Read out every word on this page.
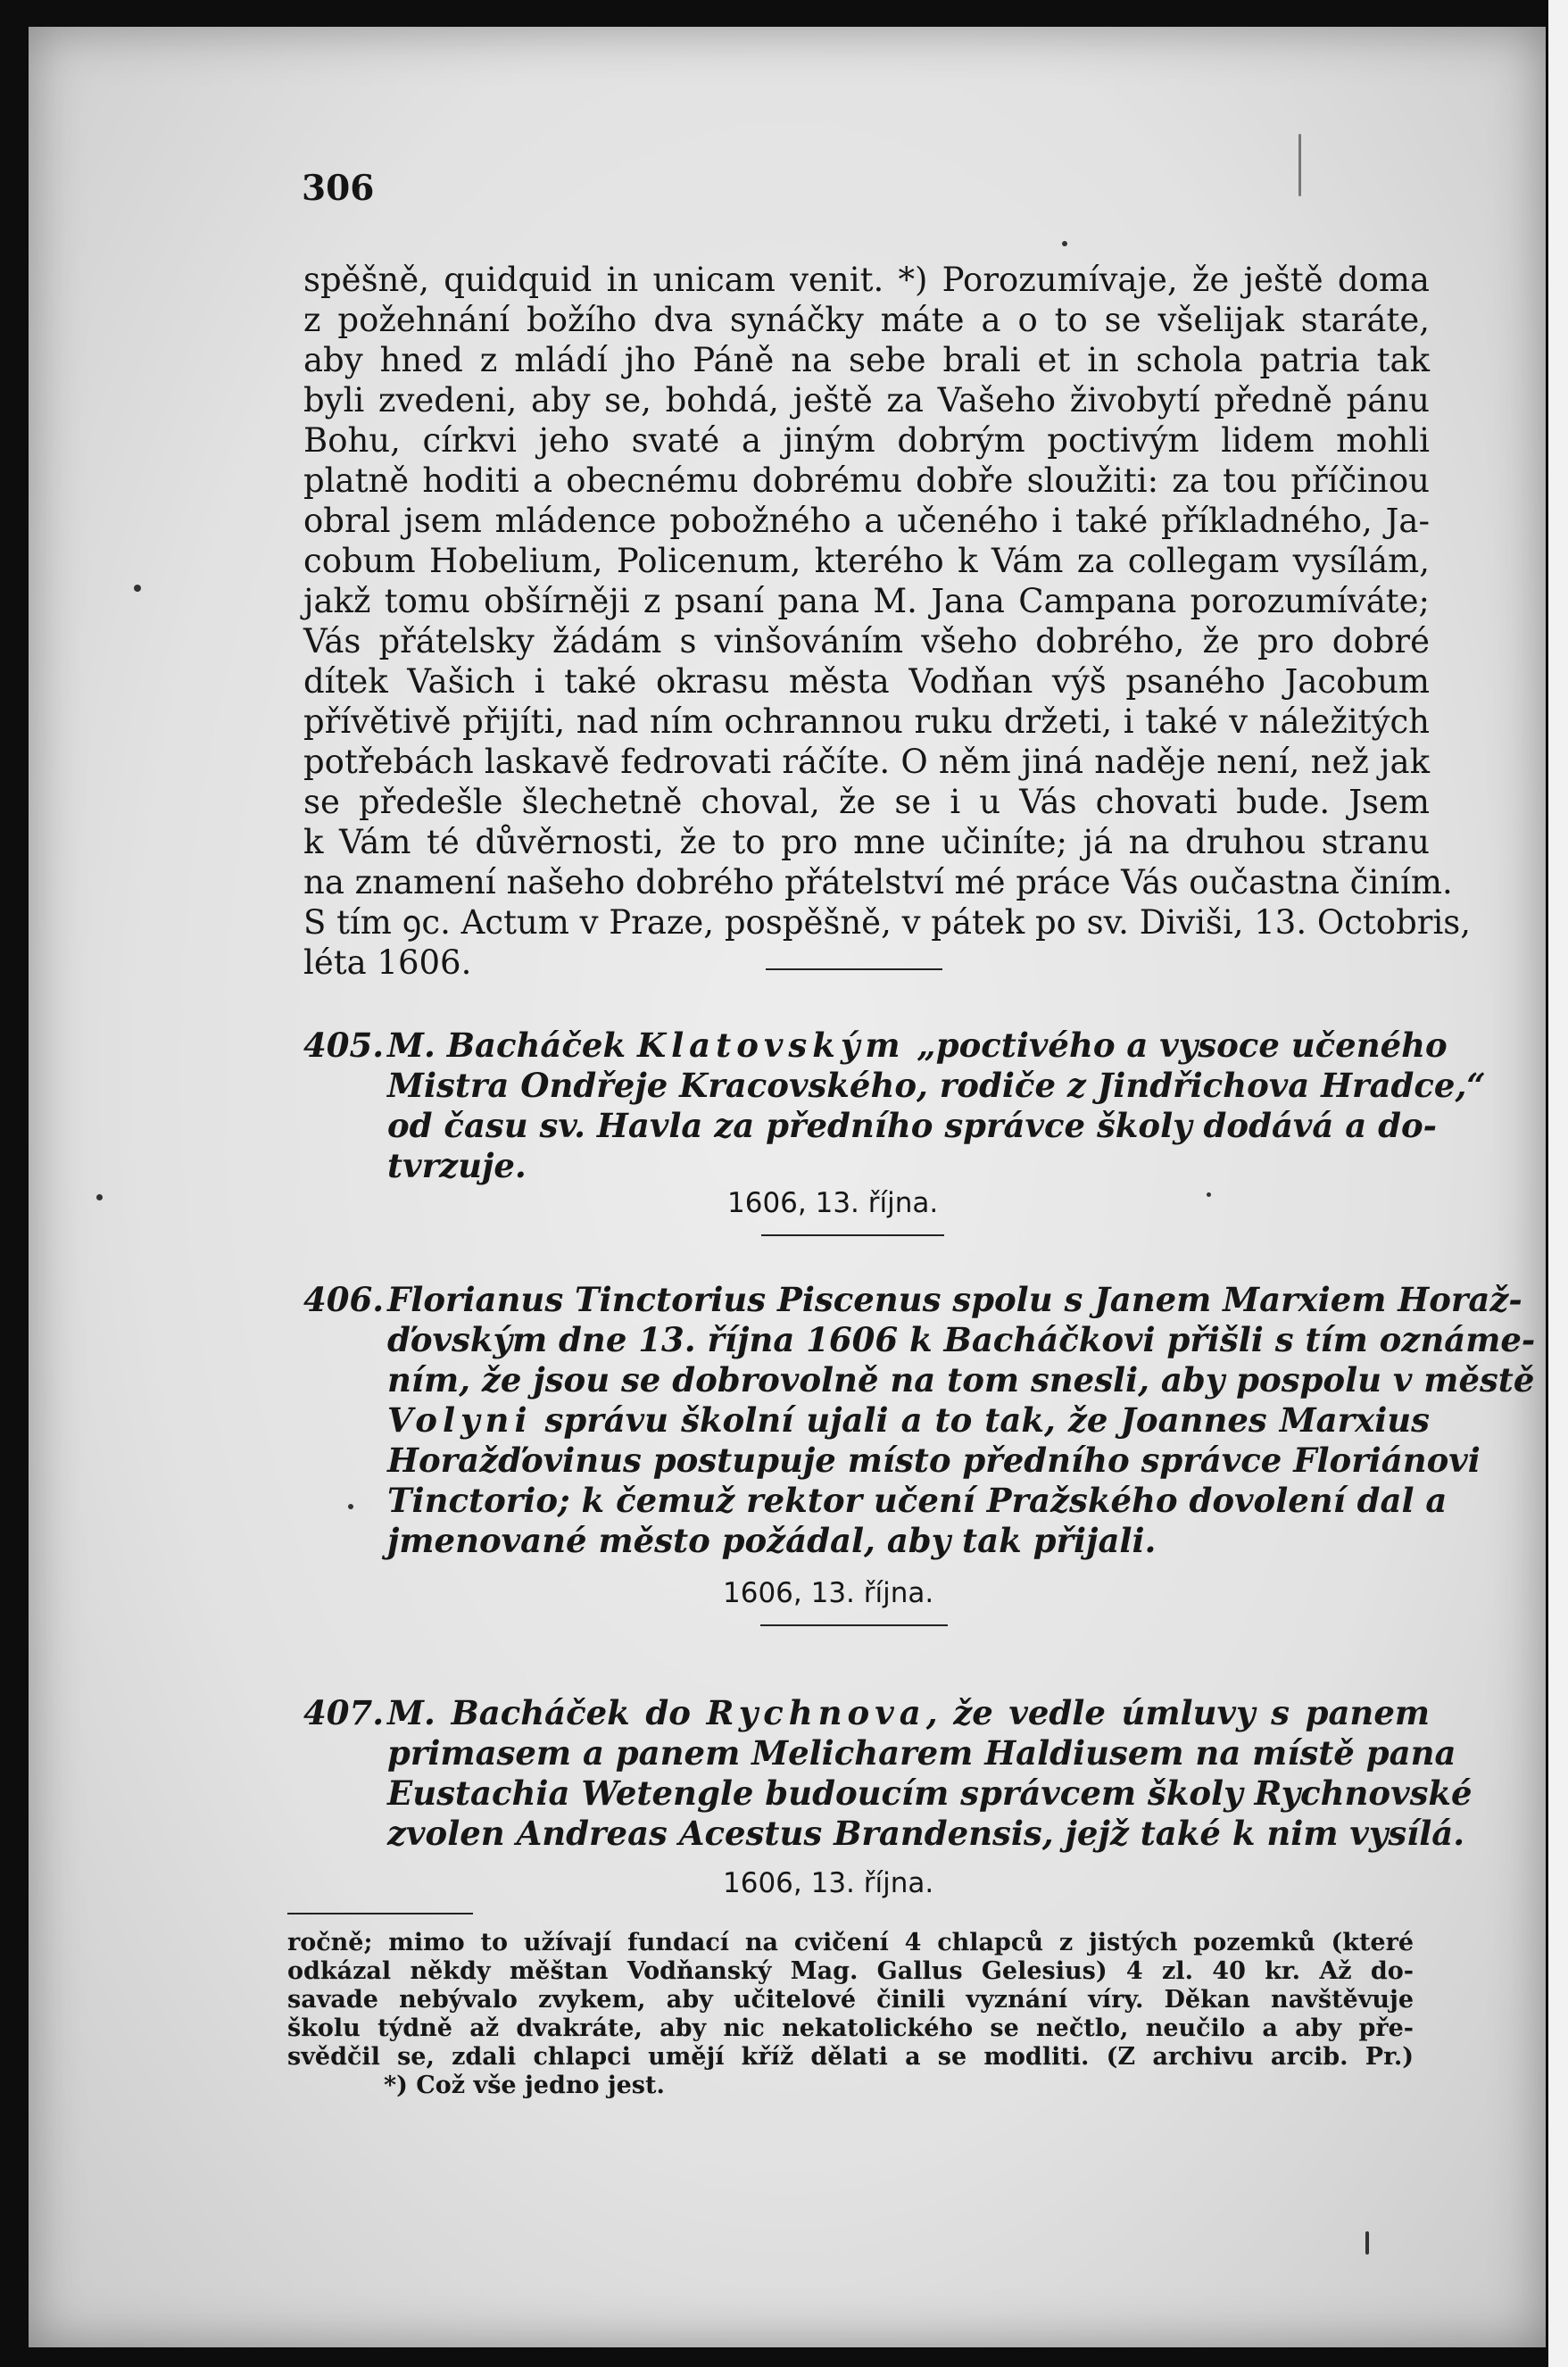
306
spěšně, quidquid in unicam venit. *) Porozumívaje, že ještě doma
z požehnání božího dva synáčky máte a o to se všelijak staráte,
aby hned z mládí jho Páně na sebe brali et in schola patria tak
byli zvedeni, aby se, bohdá, ještě za Vašeho živobytí předně pánu
Bohu, církvi jeho svaté a jiným dobrým poctivým lidem mohli
platně hoditi a obecnému dobrému dobře sloužiti: za tou příčinou
obral jsem mládence pobožného a učeného i také příkladného, Ja-
cobum Hobelium, Policenum, kterého k Vám za collegam vysílám,
jakž tomu obšírněji z psaní pana M. Jana Campana porozumíváte;
Vás přátelsky žádám s vinšováním všeho dobrého, že pro dobré
dítek Vašich i také okrasu města Vodňan výš psaného Jacobum
přívětivě přijíti, nad ním ochrannou ruku držeti, i také v náležitých
potřebách laskavě fedrovati ráčíte. O něm jiná naděje není, než jak
se předešle šlechetně choval, že se i u Vás chovati bude. Jsem
k Vám té důvěrnosti, že to pro mne učiníte; já na druhou stranu
na znamení našeho dobrého přátelství mé práce Vás oučastna činím.
S tím ꝯc. Actum v Praze, pospěšně, v pátek po sv. Diviši, 13. Octobris,
léta 1606.
405. M. Bacháček Klatovským „poctivého a vysoce učeného
Mistra Ondřeje Kracovského, rodiče z Jindřichova Hradce,“
od času sv. Havla za předního správce školy dodává a do-
tvrzuje.
1606, 13. října.
406. Florianus Tinctorius Piscenus spolu s Janem Marxiem Horaž-
ďovským dne 13. října 1606 k Bacháčkovi přišli s tím oznáme-
ním, že jsou se dobrovolně na tom snesli, aby pospolu v městě
Volyni správu školní ujali a to tak, že Joannes Marxius
Horažďovinus postupuje místo předního správce Floriánovi
Tinctorio; k čemuž rektor učení Pražského dovolení dal a
jmenované město požádal, aby tak přijali.
1606, 13. října.
407. M. Bacháček do Rychnova, že vedle úmluvy s panem
primasem a panem Melicharem Haldiusem na místě pana
Eustachia Wetengle budoucím správcem školy Rychnovské
zvolen Andreas Acestus Brandensis, jejž také k nim vysílá.
1606, 13. října.
ročně; mimo to užívají fundací na cvičení 4 chlapců z jistých pozemků (které
odkázal někdy měštan Vodňanský Mag. Gallus Gelesius) 4 zl. 40 kr. Až do-
savade nebývalo zvykem, aby učitelové činili vyznání víry. Děkan navštěvuje
školu týdně až dvakráte, aby nic nekatolického se nečtlo, neučilo a aby pře-
svědčil se, zdali chlapci umějí kříž dělati a se modliti. (Z archivu arcib. Pr.)
*) Což vše jedno jest.
